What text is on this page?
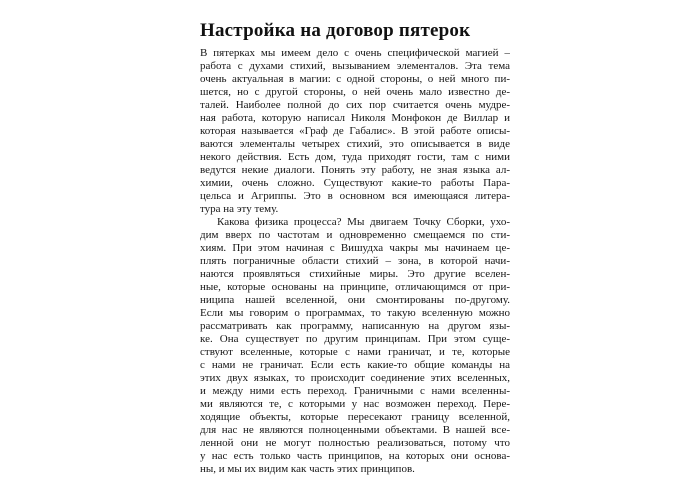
Настройка на договор пятерок
В пятерках мы имеем дело с очень специфической магией –
работа с духами стихий, вызыванием элементалов. Эта тема
очень актуальная в магии: с одной стороны, о ней много пи-
шется, но с другой стороны, о ней очень мало известно де-
талей. Наиболее полной до сих пор считается очень мудре-
ная работа, которую написал Николя Монфокон де Виллар и
которая называется «Граф де Габалис». В этой работе описы-
ваются элементалы четырех стихий, это описывается в виде
некого действия. Есть дом, туда приходят гости, там с ними
ведутся некие диалоги. Понять эту работу, не зная языка ал-
химии, очень сложно. Существуют какие-то работы Пара-
цельса и Агриппы. Это в основном вся имеющаяся литера-
тура на эту тему.
Какова физика процесса? Мы двигаем Точку Сборки, ухо-
дим вверх по частотам и одновременно смещаемся по сти-
хиям. При этом начиная с Вишудха чакры мы начинаем це-
плять пограничные области стихий – зона, в которой начи-
наются проявляться стихийные миры. Это другие вселен-
ные, которые основаны на принципе, отличающимся от при-
ниципа нашей вселенной, они смонтированы по-другому.
Если мы говорим о программах, то такую вселенную можно
рассматривать как программу, написанную на другом язы-
ке. Она существует по другим принципам. При этом суще-
ствуют вселенные, которые с нами граничат, и те, которые
с нами не граничат. Если есть какие-то общие команды на
этих двух языках, то происходит соединение этих вселенных,
и между ними есть переход. Граничными с нами вселенны-
ми являются те, с которыми у нас возможен переход. Пере-
ходящие объекты, которые пересекают границу вселенной,
для нас не являются полноценными объектами. В нашей все-
ленной они не могут полностью реализоваться, потому что
у нас есть только часть принципов, на которых они основа-
ны, и мы их видим как часть этих принципов.
